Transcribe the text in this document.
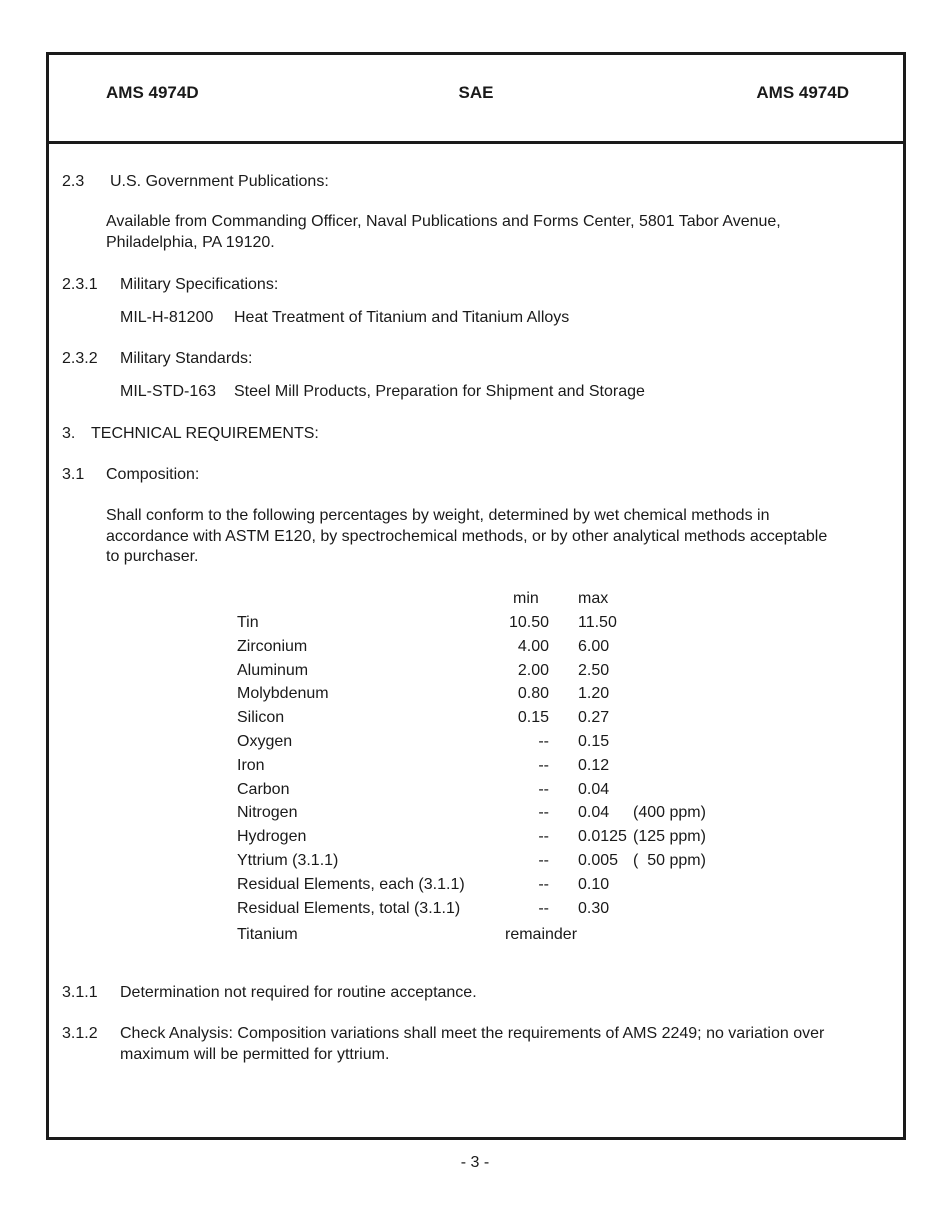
AMS 4974D	SAE	AMS 4974D
2.3 U.S. Government Publications:
Available from Commanding Officer, Naval Publications and Forms Center, 5801 Tabor Avenue, Philadelphia, PA 19120.
2.3.1 Military Specifications:
MIL-H-81200 Heat Treatment of Titanium and Titanium Alloys
2.3.2 Military Standards:
MIL-STD-163 Steel Mill Products, Preparation for Shipment and Storage
3. TECHNICAL REQUIREMENTS:
3.1 Composition:
Shall conform to the following percentages by weight, determined by wet chemical methods in accordance with ASTM E120, by spectrochemical methods, or by other analytical methods acceptable to purchaser.
min max
Tin	10.50 11.50
Zirconium	4.00 6.00
Aluminum	2.00 2.50
Molybdenum	0.80 1.20
Silicon	0.15 0.27
Oxygen	-- 0.15
Iron	-- 0.12
Carbon	-- 0.04
Nitrogen	-- 0.04 (400 ppm)
Hydrogen	-- 0.0125 (125 ppm)
Yttrium (3.1.1)	-- 0.005 (  50 ppm)
Residual Elements, each (3.1.1)	-- 0.10
Residual Elements, total (3.1.1)	-- 0.30
Titanium	remainder
3.1.1 Determination not required for routine acceptance.
3.1.2 Check Analysis: Composition variations shall meet the requirements of AMS 2249; no variation over maximum will be permitted for yttrium.
- 3 -
